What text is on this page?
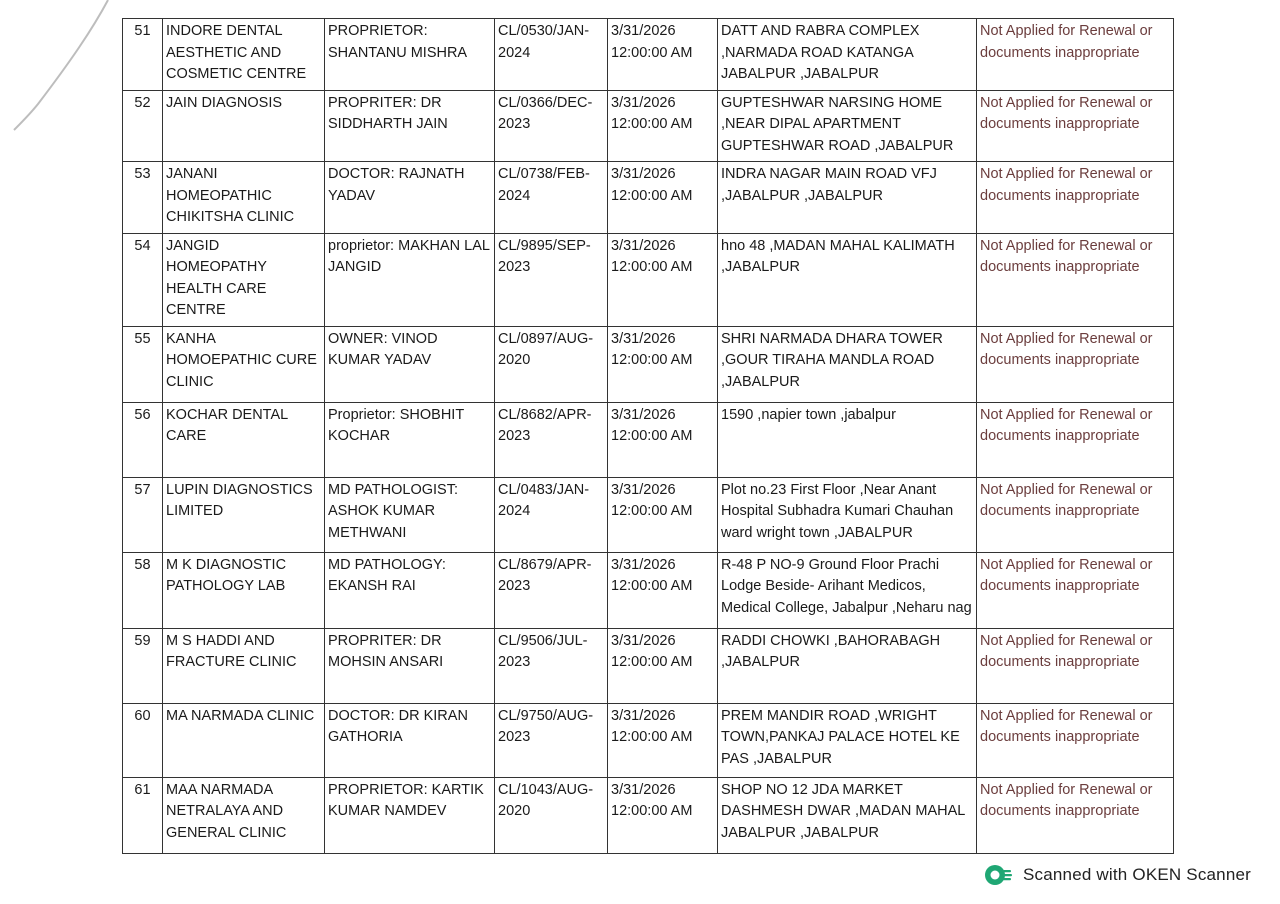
51	INDORE DENTAL AESTHETIC AND COSMETIC CENTRE	PROPRIETOR: SHANTANU MISHRA	CL/0530/JAN-2024	3/31/2026 12:00:00 AM	DATT AND RABRA COMPLEX ,NARMADA ROAD KATANGA JABALPUR ,JABALPUR	Not Applied for Renewal or documents inappropriate
52	JAIN DIAGNOSIS	PROPRITER: DR SIDDHARTH JAIN	CL/0366/DEC-2023	3/31/2026 12:00:00 AM	GUPTESHWAR NARSING HOME ,NEAR DIPAL APARTMENT GUPTESHWAR ROAD ,JABALPUR	Not Applied for Renewal or documents inappropriate
53	JANANI HOMEOPATHIC CHIKITSHA CLINIC	DOCTOR: RAJNATH YADAV	CL/0738/FEB-2024	3/31/2026 12:00:00 AM	INDRA NAGAR MAIN ROAD VFJ ,JABALPUR ,JABALPUR	Not Applied for Renewal or documents inappropriate
54	JANGID HOMEOPATHY HEALTH CARE CENTRE	proprietor: MAKHAN LAL JANGID	CL/9895/SEP-2023	3/31/2026 12:00:00 AM	hno 48 ,MADAN MAHAL KALIMATH ,JABALPUR	Not Applied for Renewal or documents inappropriate
55	KANHA HOMOEPATHIC CURE CLINIC	OWNER: VINOD KUMAR YADAV	CL/0897/AUG-2020	3/31/2026 12:00:00 AM	SHRI NARMADA DHARA TOWER ,GOUR TIRAHA MANDLA ROAD ,JABALPUR	Not Applied for Renewal or documents inappropriate
56	KOCHAR DENTAL CARE	Proprietor: SHOBHIT KOCHAR	CL/8682/APR-2023	3/31/2026 12:00:00 AM	1590 ,napier town ,jabalpur	Not Applied for Renewal or documents inappropriate
57	LUPIN DIAGNOSTICS LIMITED	MD PATHOLOGIST: ASHOK KUMAR METHWANI	CL/0483/JAN-2024	3/31/2026 12:00:00 AM	Plot no.23 First Floor ,Near Anant Hospital Subhadra Kumari Chauhan ward wright town ,JABALPUR	Not Applied for Renewal or documents inappropriate
58	M K DIAGNOSTIC PATHOLOGY LAB	MD PATHOLOGY: EKANSH RAI	CL/8679/APR-2023	3/31/2026 12:00:00 AM	R-48 P NO-9 Ground Floor Prachi Lodge Beside- Arihant Medicos, Medical College, Jabalpur ,Neharu nag	Not Applied for Renewal or documents inappropriate
59	M S HADDI AND FRACTURE CLINIC	PROPRITER: DR MOHSIN ANSARI	CL/9506/JUL-2023	3/31/2026 12:00:00 AM	RADDI CHOWKI ,BAHORABAGH ,JABALPUR	Not Applied for Renewal or documents inappropriate
60	MA NARMADA CLINIC	DOCTOR: DR KIRAN GATHORIA	CL/9750/AUG-2023	3/31/2026 12:00:00 AM	PREM MANDIR ROAD ,WRIGHT TOWN,PANKAJ PALACE HOTEL KE PAS ,JABALPUR	Not Applied for Renewal or documents inappropriate
61	MAA NARMADA NETRALAYA AND GENERAL CLINIC	PROPRIETOR: KARTIK KUMAR NAMDEV	CL/1043/AUG-2020	3/31/2026 12:00:00 AM	SHOP NO 12 JDA MARKET DASHMESH DWAR ,MADAN MAHAL JABALPUR ,JABALPUR	Not Applied for Renewal or documents inappropriate
Scanned with OKEN Scanner
